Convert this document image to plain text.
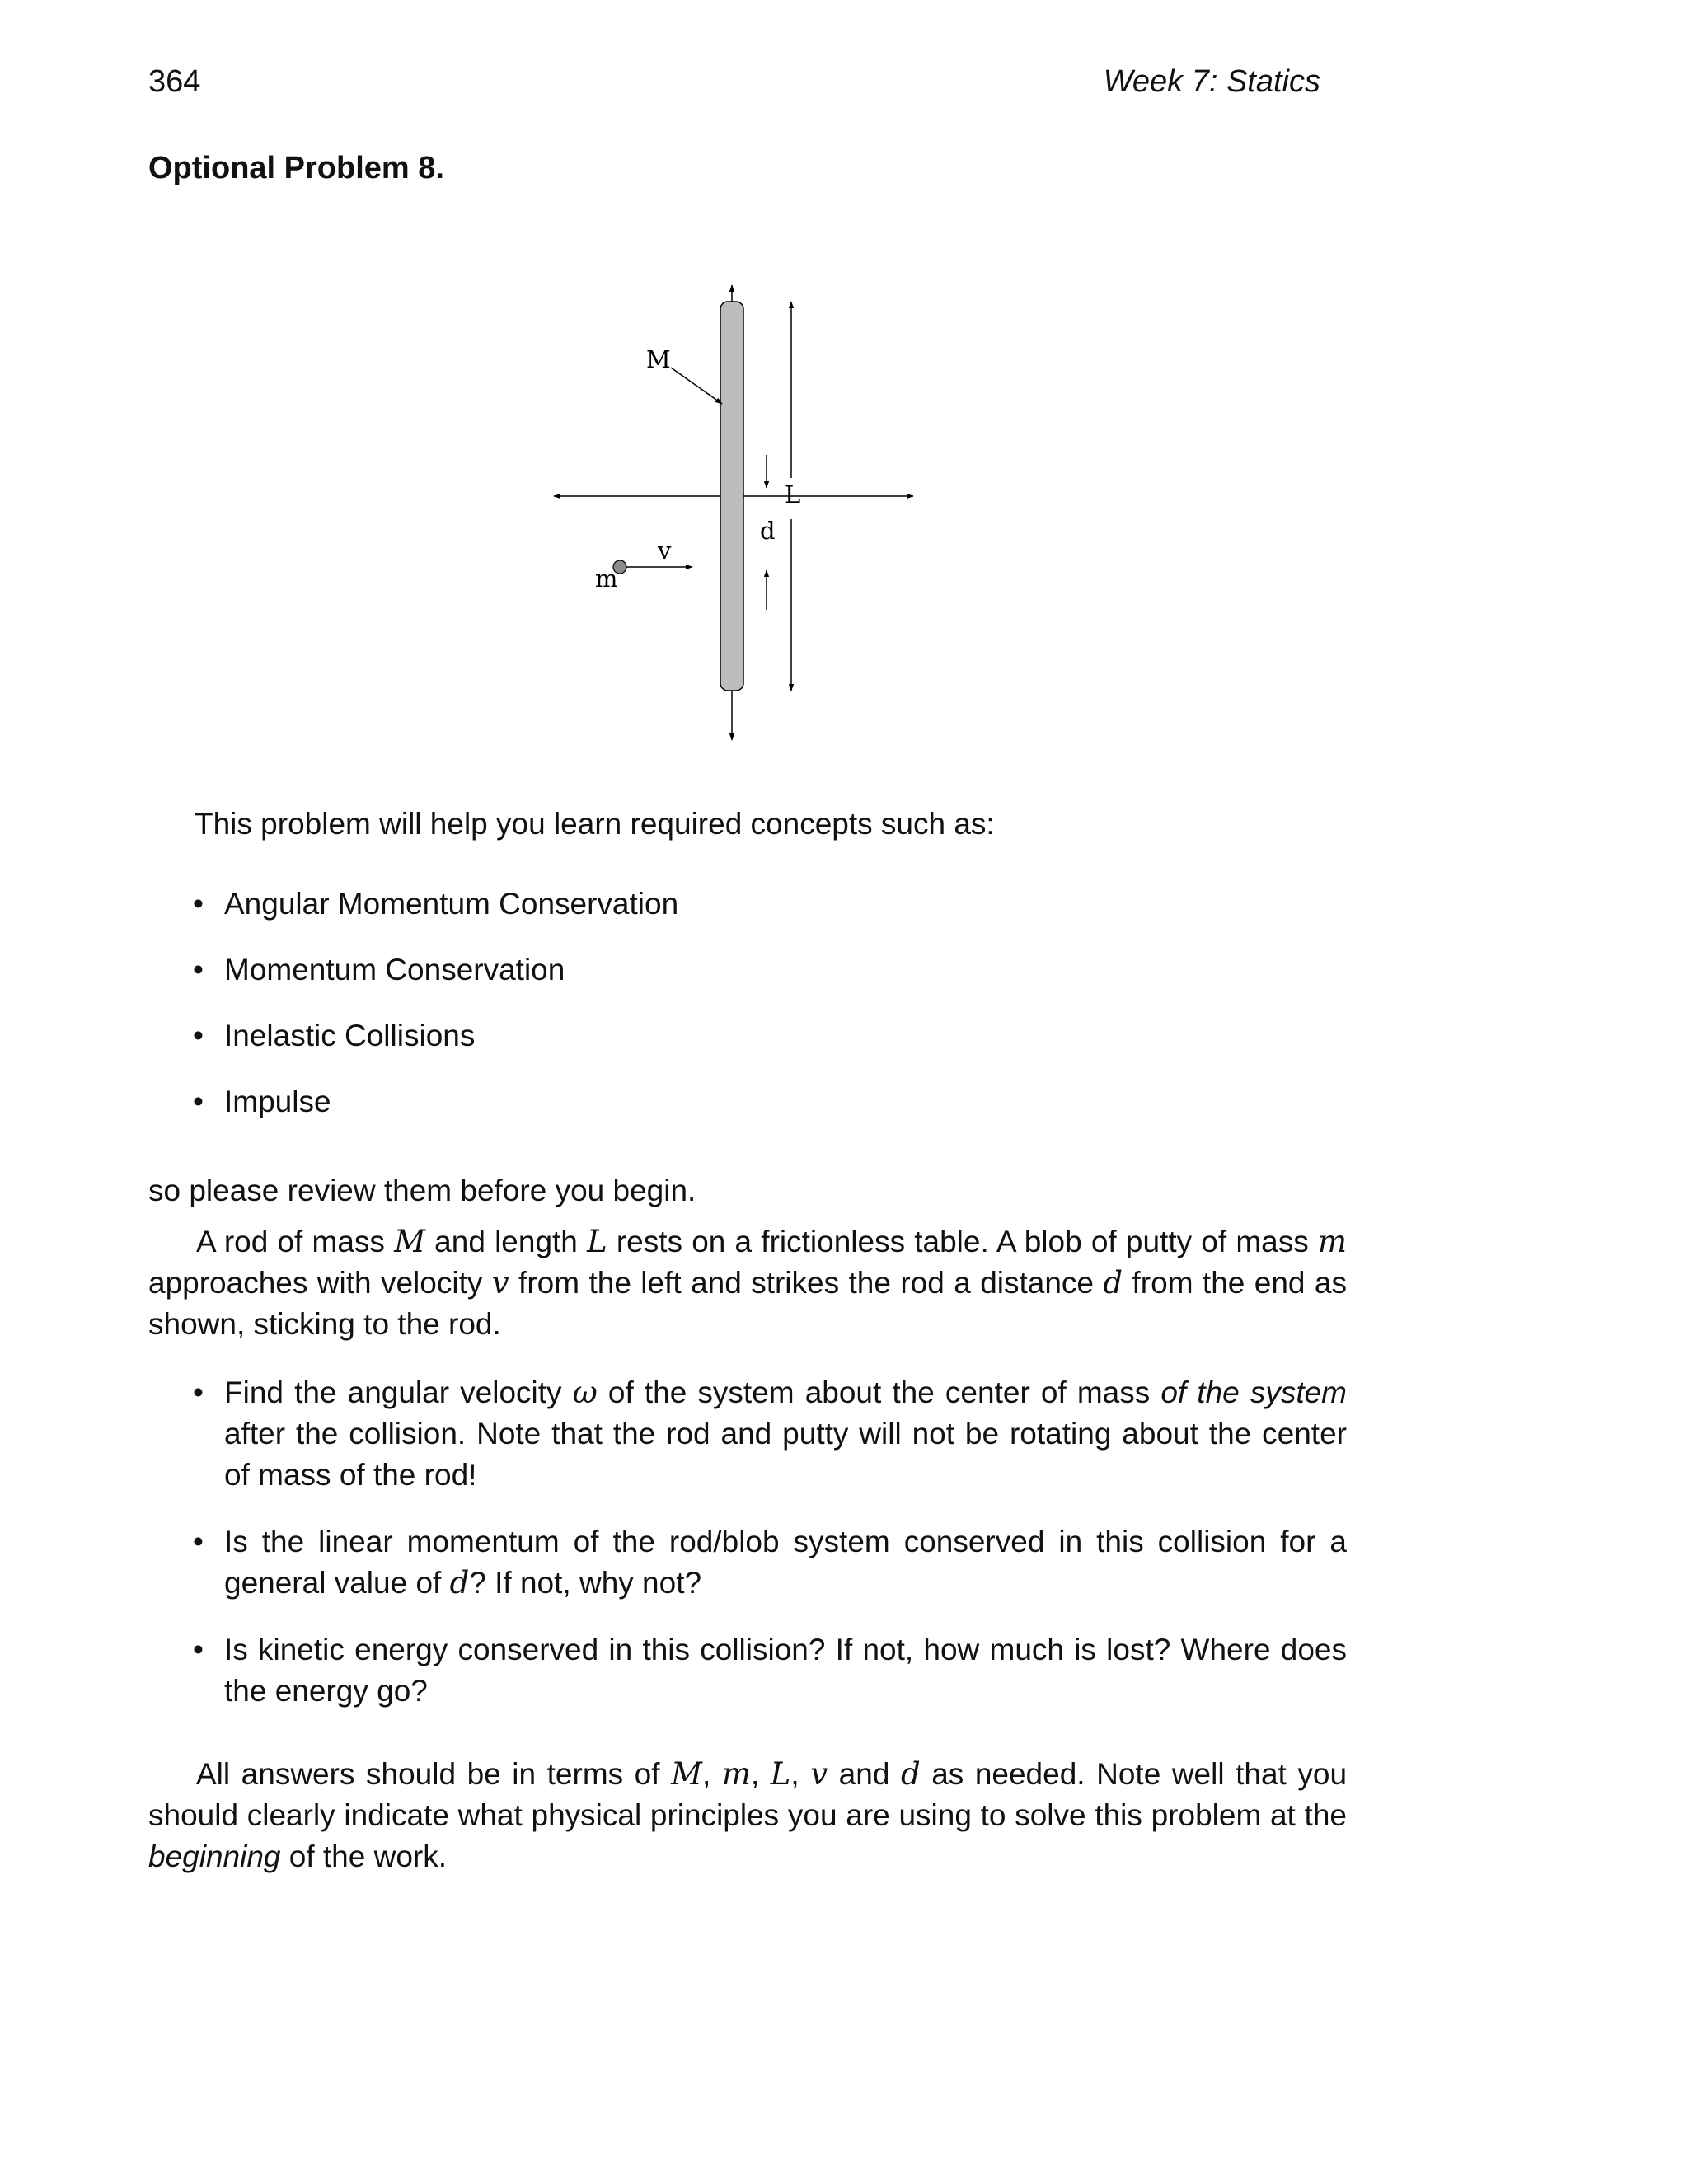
364	Week 7: Statics
Optional Problem 8.
M
L
d
v
m
This problem will help you learn required concepts such as:
• Angular Momentum Conservation
• Momentum Conservation
• Inelastic Collisions
• Impulse
so please review them before you begin.

A rod of mass M and length L rests on a frictionless table. A blob of putty of mass m approaches with velocity v from the left and strikes the rod a distance d from the end as shown, sticking to the rod.

• Find the angular velocity ω of the system about the center of mass of the system after the collision. Note that the rod and putty will not be rotating about the center of mass of the rod!
• Is the linear momentum of the rod/blob system conserved in this collision for a general value of d? If not, why not?
• Is kinetic energy conserved in this collision? If not, how much is lost? Where does the energy go?

All answers should be in terms of M, m, L, v and d as needed. Note well that you should clearly indicate what physical principles you are using to solve this problem at the beginning of the work.
